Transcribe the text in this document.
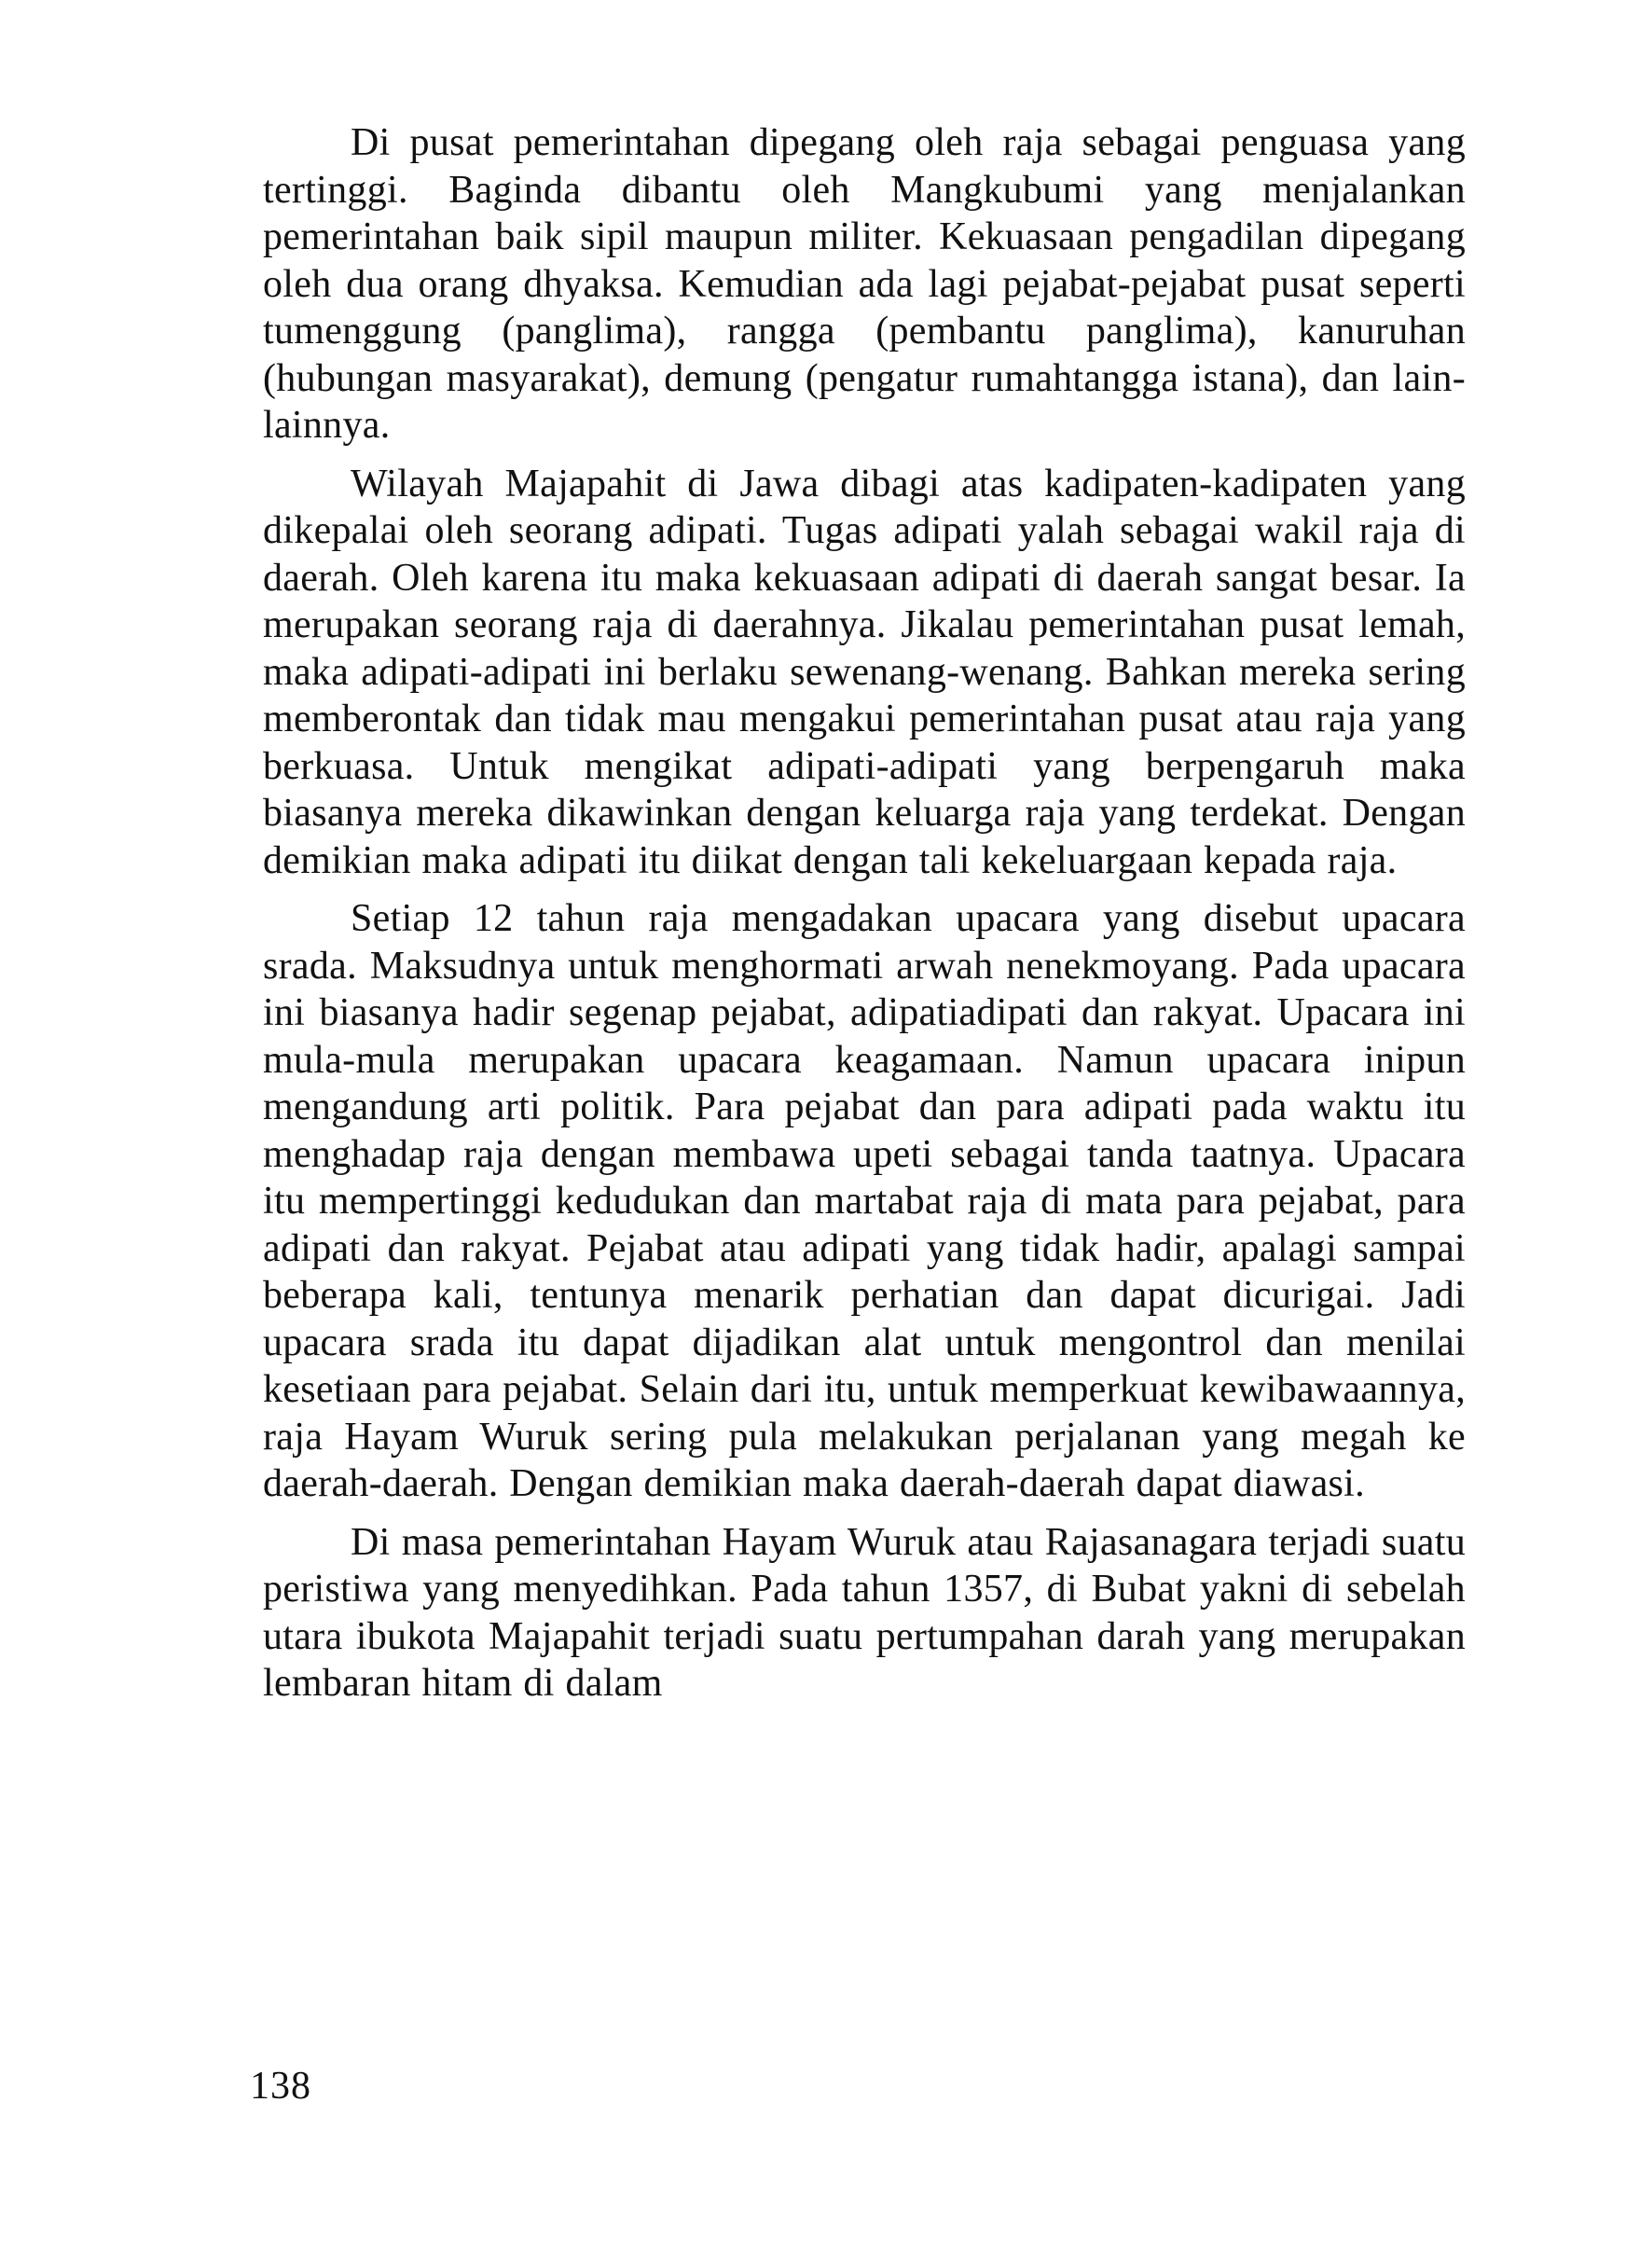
Di pusat pemerintahan dipegang oleh raja sebagai penguasa yang tertinggi. Baginda dibantu oleh Mangkubumi yang menjalankan pemerintahan baik sipil maupun militer. Kekuasaan pengadilan dipegang oleh dua orang dhyaksa. Kemudian ada lagi pejabat-pejabat pusat seperti tumenggung (panglima), rangga (pembantu panglima), kanuruhan (hubungan masyarakat), demung (pengatur rumahtangga istana), dan lain-lainnya.

Wilayah Majapahit di Jawa dibagi atas kadipaten-kadipaten yang dikepalai oleh seorang adipati. Tugas adipati yalah sebagai wakil raja di daerah. Oleh karena itu maka kekuasaan adipati di daerah sangat besar. Ia merupakan seorang raja di daerahnya. Jikalau pemerintahan pusat lemah, maka adipati-adipati ini berlaku sewenang-wenang. Bahkan mereka sering memberontak dan tidak mau mengakui pemerintahan pusat atau raja yang berkuasa. Untuk mengikat adipati-adipati yang berpengaruh maka biasanya mereka dikawinkan dengan keluarga raja yang terdekat. Dengan demikian maka adipati itu diikat dengan tali kekeluargaan kepada raja.

Setiap 12 tahun raja mengadakan upacara yang disebut upacara srada. Maksudnya untuk menghormati arwah nenekmoyang. Pada upacara ini biasanya hadir segenap pejabat, adipatiadipati dan rakyat. Upacara ini mula-mula merupakan upacara keagamaan. Namun upacara inipun mengandung arti politik. Para pejabat dan para adipati pada waktu itu menghadap raja dengan membawa upeti sebagai tanda taatnya. Upacara itu mempertinggi kedudukan dan martabat raja di mata para pejabat, para adipati dan rakyat. Pejabat atau adipati yang tidak hadir, apalagi sampai beberapa kali, tentunya menarik perhatian dan dapat dicurigai. Jadi upacara srada itu dapat dijadikan alat untuk mengontrol dan menilai kesetiaan para pejabat. Selain dari itu, untuk memperkuat kewibawaannya, raja Hayam Wuruk sering pula melakukan perjalanan yang megah ke daerah-daerah. Dengan demikian maka daerah-daerah dapat diawasi.

Di masa pemerintahan Hayam Wuruk atau Rajasanagara terjadi suatu peristiwa yang menyedihkan. Pada tahun 1357, di Bubat yakni di sebelah utara ibukota Majapahit terjadi suatu pertumpahan darah yang merupakan lembaran hitam di dalam

138
